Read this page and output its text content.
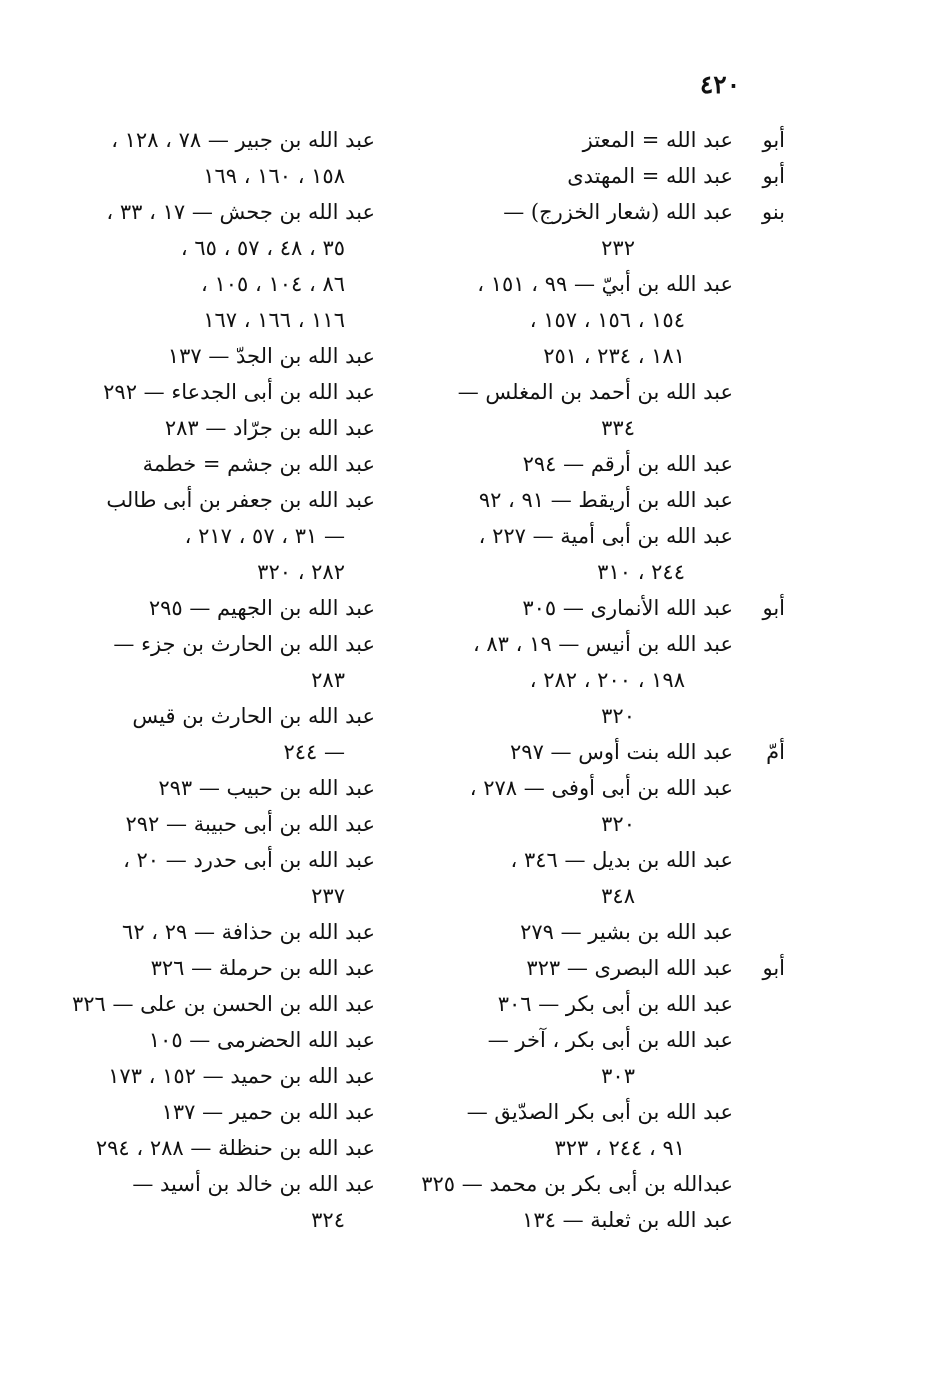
٤٢٠
أبو
عبد الله = المعتز
أبو
عبد الله = المهتدى
بنو
عبد الله (شعار الخزرج) —
٢٣٢
عبد الله بن أبيّ — ٩٩ ، ١٥١ ،
١٥٤ ، ١٥٦ ، ١٥٧ ،
١٨١ ، ٢٣٤ ، ٢٥١
عبد الله بن أحمد بن المغلس —
٣٣٤
عبد الله بن أرقم — ٢٩٤
عبد الله بن أريقط — ٩١ ، ٩٢
عبد الله بن أبى أمية — ٢٢٧ ،
٢٤٤ ، ٣١٠
أبو
عبد الله الأنمارى — ٣٠٥
عبد الله بن أنيس — ١٩ ، ٨٣ ،
١٩٨ ، ٢٠٠ ، ٢٨٢ ،
٣٢٠
أمّ
عبد الله بنت أوس — ٢٩٧
عبد الله بن أبى أوفى — ٢٧٨ ،
٣٢٠
عبد الله بن بديل — ٣٤٦ ،
٣٤٨
عبد الله بن بشير — ٢٧٩
أبو
عبد الله البصرى — ٣٢٣
عبد الله بن أبى بكر — ٣٠٦
عبد الله بن أبى بكر ، آخر —
٣٠٣
عبد الله بن أبى بكر الصدّيق —
٩١ ، ٢٤٤ ، ٣٢٣
عبدالله بن أبى بكر بن محمد — ٣٢٥
عبد الله بن ثعلبة — ١٣٤
عبد الله بن جبير — ٧٨ ، ١٢٨ ،
١٥٨ ، ١٦٠ ، ١٦٩
عبد الله بن جحش — ١٧ ، ٣٣ ،
٣٥ ، ٤٨ ، ٥٧ ، ٦٥ ،
٨٦ ، ١٠٤ ، ١٠٥ ،
١١٦ ، ١٦٦ ، ١٦٧
عبد الله بن الجدّ — ١٣٧
عبد الله بن أبى الجدعاء — ٢٩٢
عبد الله بن جرّاد — ٢٨٣
عبد الله بن جشم = خطمة
عبد الله بن جعفر بن أبى طالب
— ٣١ ، ٥٧ ، ٢١٧ ،
٢٨٢ ، ٣٢٠
عبد الله بن الجهيم — ٢٩٥
عبد الله بن الحارث بن جزء —
٢٨٣
عبد الله بن الحارث بن قيس
— ٢٤٤
عبد الله بن حبيب — ٢٩٣
عبد الله بن أبى حبيبة — ٢٩٢
عبد الله بن أبى حدرد — ٢٠ ،
٢٣٧
عبد الله بن حذافة — ٢٩ ، ٦٢
عبد الله بن حرملة — ٣٢٦
عبد الله بن الحسن بن على — ٣٢٦
عبد الله الحضرمى — ١٠٥
عبد الله بن حميد — ١٥٢ ، ١٧٣
عبد الله بن حمير — ١٣٧
عبد الله بن حنظلة — ٢٨٨ ، ٢٩٤
عبد الله بن خالد بن أسيد —
٣٢٤
